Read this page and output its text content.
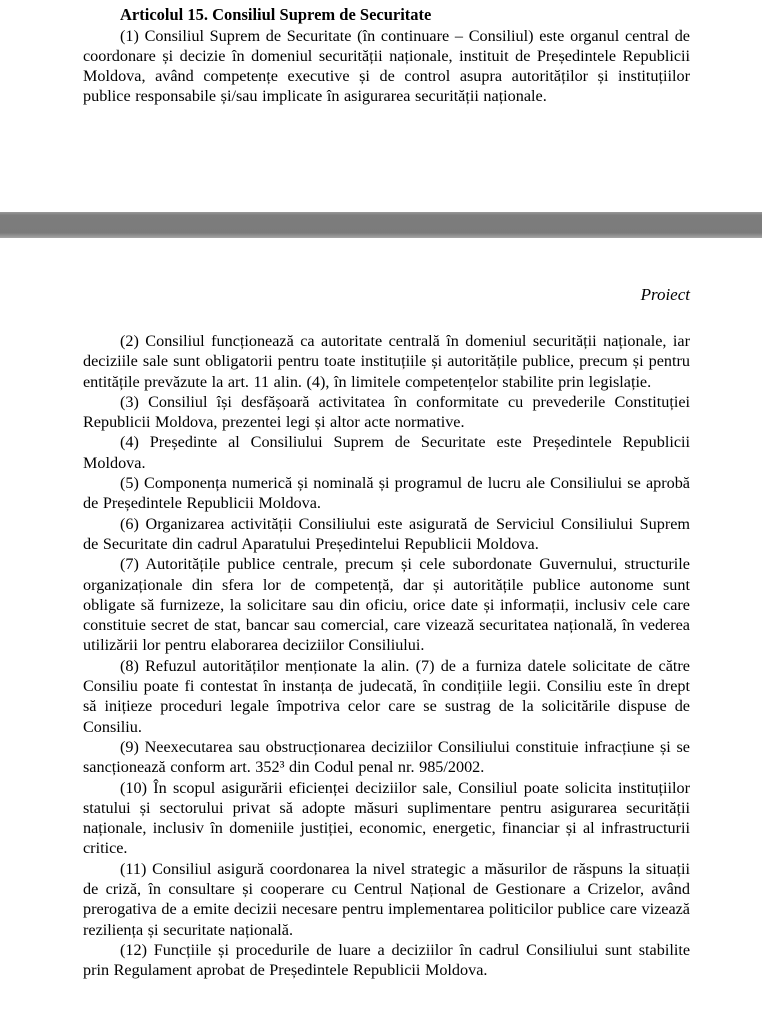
Articolul 15. Consiliul Suprem de Securitate

(1) Consiliul Suprem de Securitate (în continuare – Consiliul) este organul central de coordonare și decizie în domeniul securității naționale, instituit de Președintele Republicii Moldova, având competențe executive și de control asupra autorităților și instituțiilor publice responsabile și/sau implicate în asigurarea securității naționale.

Proiect

(2) Consiliul funcționează ca autoritate centrală în domeniul securității naționale, iar deciziile sale sunt obligatorii pentru toate instituțiile și autoritățile publice, precum și pentru entitățile prevăzute la art. 11 alin. (4), în limitele competențelor stabilite prin legislație.

(3) Consiliul își desfășoară activitatea în conformitate cu prevederile Constituției Republicii Moldova, prezentei legi și altor acte normative.

(4) Președinte al Consiliului Suprem de Securitate este Președintele Republicii Moldova.

(5) Componența numerică și nominală și programul de lucru ale Consiliului se aprobă de Președintele Republicii Moldova.

(6) Organizarea activității Consiliului este asigurată de Serviciul Consiliului Suprem de Securitate din cadrul Aparatului Președintelui Republicii Moldova.

(7) Autoritățile publice centrale, precum și cele subordonate Guvernului, structurile organizaționale din sfera lor de competență, dar și autoritățile publice autonome sunt obligate să furnizeze, la solicitare sau din oficiu, orice date și informații, inclusiv cele care constituie secret de stat, bancar sau comercial, care vizează securitatea națională, în vederea utilizării lor pentru elaborarea deciziilor Consiliului.

(8) Refuzul autorităților menționate la alin. (7) de a furniza datele solicitate de către Consiliu poate fi contestat în instanța de judecată, în condițiile legii. Consiliu este în drept să inițieze proceduri legale împotriva celor care se sustrag de la solicitările dispuse de Consiliu.

(9) Neexecutarea sau obstrucționarea deciziilor Consiliului constituie infracțiune și se sancționează conform art. 352³ din Codul penal nr. 985/2002.

(10) În scopul asigurării eficienței deciziilor sale, Consiliul poate solicita instituțiilor statului și sectorului privat să adopte măsuri suplimentare pentru asigurarea securității naționale, inclusiv în domeniile justiției, economic, energetic, financiar și al infrastructurii critice.

(11) Consiliul asigură coordonarea la nivel strategic a măsurilor de răspuns la situații de criză, în consultare și cooperare cu Centrul Național de Gestionare a Crizelor, având prerogativa de a emite decizii necesare pentru implementarea politicilor publice care vizează reziliența și securitate națională.

(12) Funcțiile și procedurile de luare a deciziilor în cadrul Consiliului sunt stabilite prin Regulament aprobat de Președintele Republicii Moldova.
